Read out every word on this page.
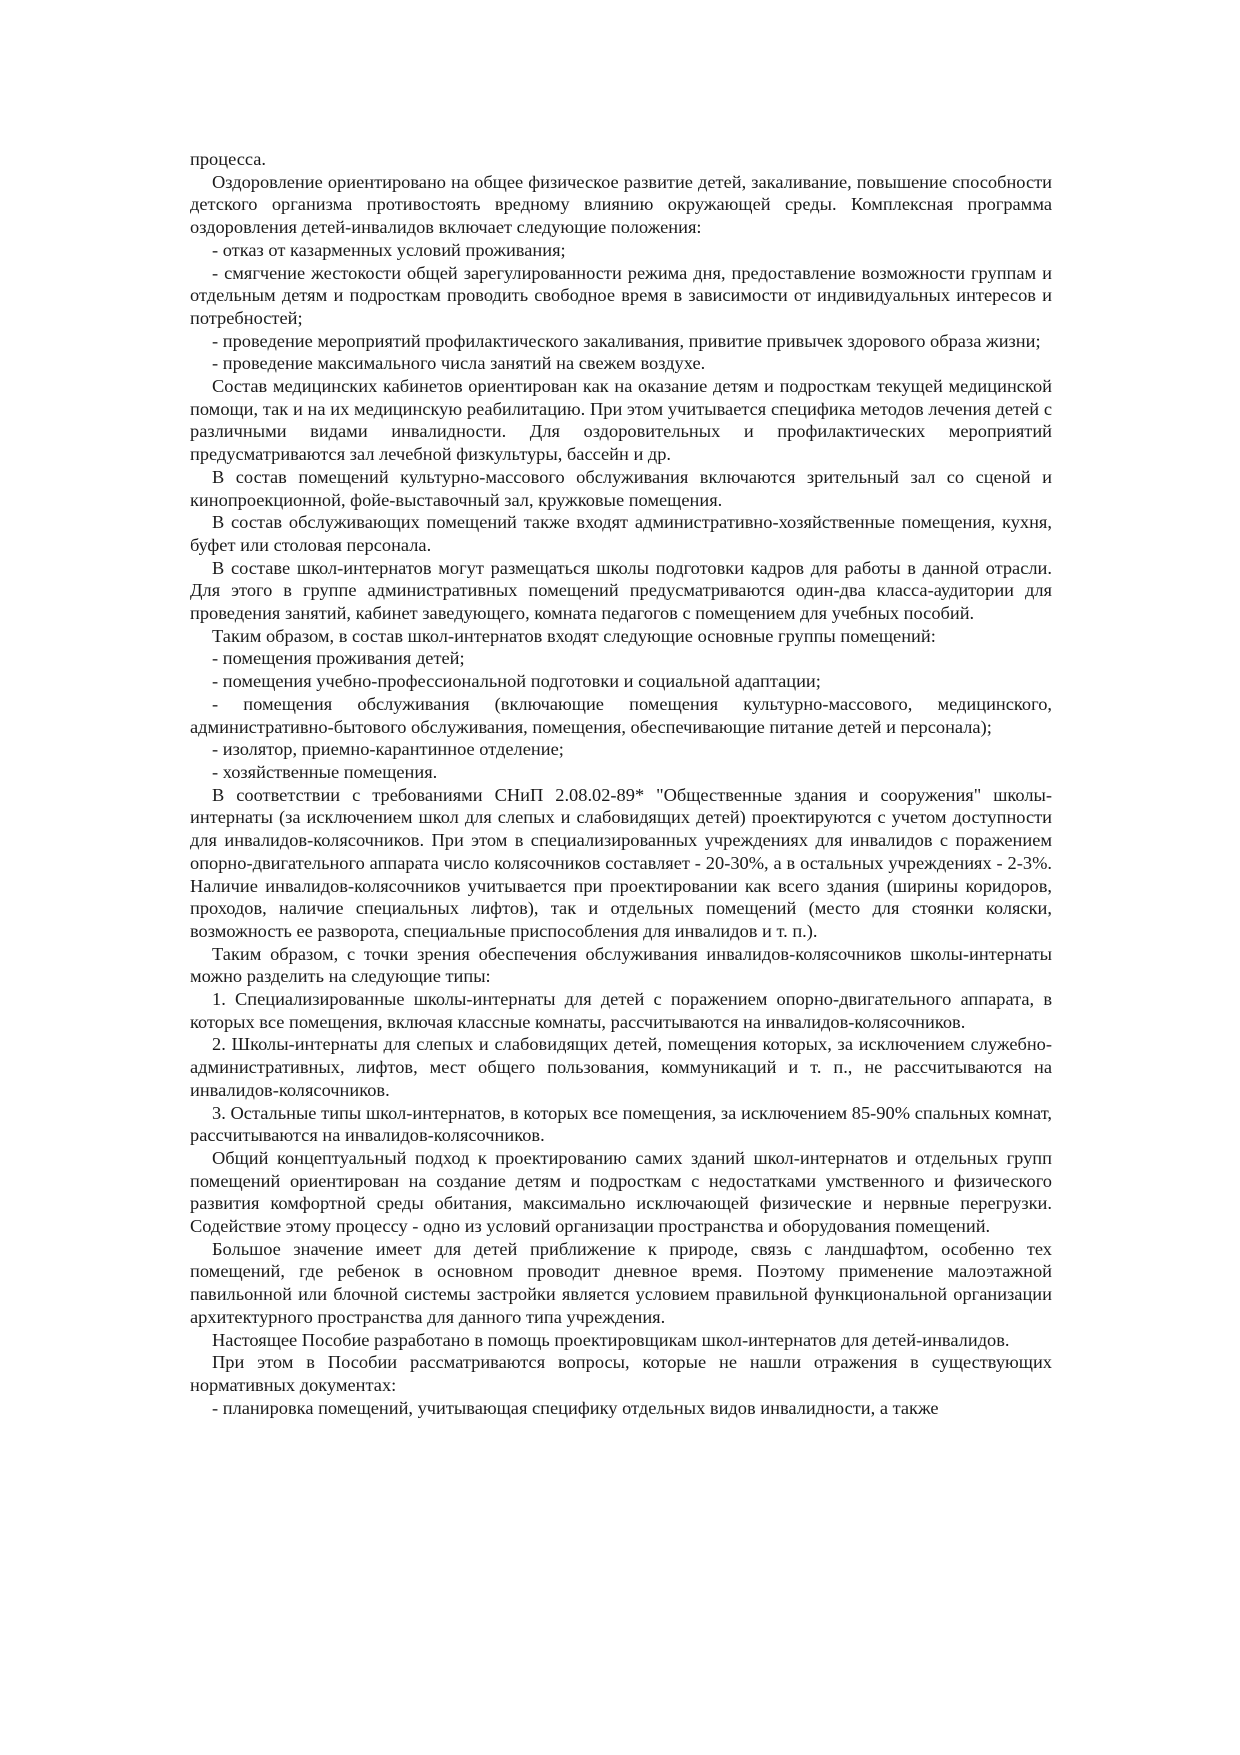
процесса.

Оздоровление ориентировано на общее физическое развитие детей, закаливание, повышение способности детского организма противостоять вредному влиянию окружающей среды. Комплексная программа оздоровления детей-инвалидов включает следующие положения:

- отказ от казарменных условий проживания;

- смягчение жестокости общей зарегулированности режима дня, предоставление возможности группам и отдельным детям и подросткам проводить свободное время в зависимости от индивидуальных интересов и потребностей;

- проведение мероприятий профилактического закаливания, привитие привычек здорового образа жизни;

- проведение максимального числа занятий на свежем воздухе.

Состав медицинских кабинетов ориентирован как на оказание детям и подросткам текущей медицинской помощи, так и на их медицинскую реабилитацию. При этом учитывается специфика методов лечения детей с различными видами инвалидности. Для оздоровительных и профилактических мероприятий предусматриваются зал лечебной физкультуры, бассейн и др.

В состав помещений культурно-массового обслуживания включаются зрительный зал со сценой и кинопроекционной, фойе-выставочный зал, кружковые помещения.

В состав обслуживающих помещений также входят административно-хозяйственные помещения, кухня, буфет или столовая персонала.

В составе школ-интернатов могут размещаться школы подготовки кадров для работы в данной отрасли. Для этого в группе административных помещений предусматриваются один-два класса-аудитории для проведения занятий, кабинет заведующего, комната педагогов с помещением для учебных пособий.

Таким образом, в состав школ-интернатов входят следующие основные группы помещений:

- помещения проживания детей;

- помещения учебно-профессиональной подготовки и социальной адаптации;

- помещения обслуживания (включающие помещения культурно-массового, медицинского, административно-бытового обслуживания, помещения, обеспечивающие питание детей и персонала);

- изолятор, приемно-карантинное отделение;

- хозяйственные помещения.

В соответствии с требованиями СНиП 2.08.02-89* "Общественные здания и сооружения" школы-интернаты (за исключением школ для слепых и слабовидящих детей) проектируются с учетом доступности для инвалидов-колясочников. При этом в специализированных учреждениях для инвалидов с поражением опорно-двигательного аппарата число колясочников составляет - 20-30%, а в остальных учреждениях - 2-3%. Наличие инвалидов-колясочников учитывается при проектировании как всего здания (ширины коридоров, проходов, наличие специальных лифтов), так и отдельных помещений (место для стоянки коляски, возможность ее разворота, специальные приспособления для инвалидов и т. п.).

Таким образом, с точки зрения обеспечения обслуживания инвалидов-колясочников школы-интернаты можно разделить на следующие типы:

1. Специализированные школы-интернаты для детей с поражением опорно-двигательного аппарата, в которых все помещения, включая классные комнаты, рассчитываются на инвалидов-колясочников.

2. Школы-интернаты для слепых и слабовидящих детей, помещения которых, за исключением служебно-административных, лифтов, мест общего пользования, коммуникаций и т. п., не рассчитываются на инвалидов-колясочников.

3. Остальные типы школ-интернатов, в которых все помещения, за исключением 85-90% спальных комнат, рассчитываются на инвалидов-колясочников.

Общий концептуальный подход к проектированию самих зданий школ-интернатов и отдельных групп помещений ориентирован на создание детям и подросткам с недостатками умственного и физического развития комфортной среды обитания, максимально исключающей физические и нервные перегрузки. Содействие этому процессу - одно из условий организации пространства и оборудования помещений.

Большое значение имеет для детей приближение к природе, связь с ландшафтом, особенно тех помещений, где ребенок в основном проводит дневное время. Поэтому применение малоэтажной павильонной или блочной системы застройки является условием правильной функциональной организации архитектурного пространства для данного типа учреждения.

Настоящее Пособие разработано в помощь проектировщикам школ-интернатов для детей-инвалидов.

При этом в Пособии рассматриваются вопросы, которые не нашли отражения в существующих нормативных документах:

- планировка помещений, учитывающая специфику отдельных видов инвалидности, а также
